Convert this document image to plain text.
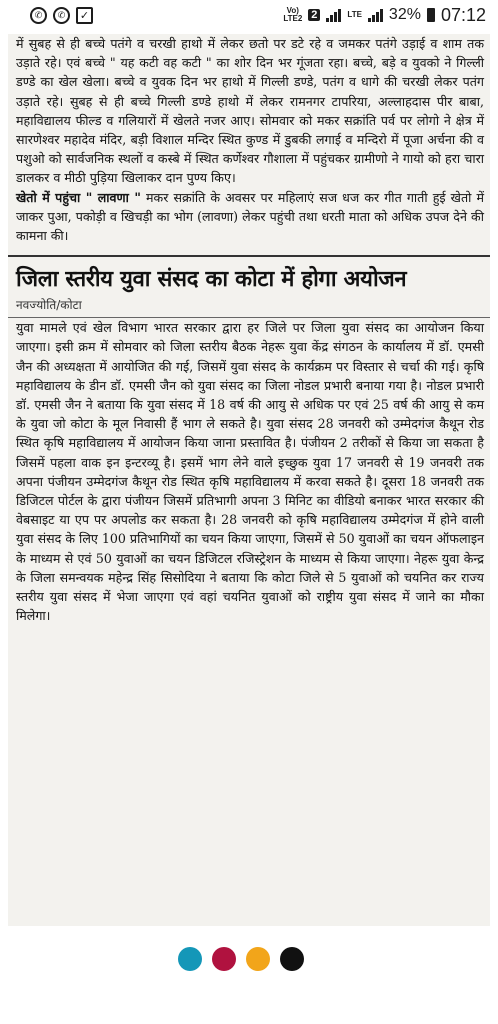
✆	✆	✓	Vo)
LTE2 2	LTE 32% 07:12

में सुबह से ही बच्चे पतंगे व चरखी हाथो में लेकर छतो पर डटे रहे व जमकर पतंगे उड़ाई व शाम तक उड़ाते रहे। एवं बच्चे " यह कटी वह कटी " का शोर दिन भर गूंजता रहा। बच्चे, बड़े व युवको ने गिल्ली डण्डे का खेल खेला। बच्चे व युवक दिन भर हाथो में गिल्ली डण्डे, पतंग व धागे की चरखी लेकर पतंग उड़ाते रहे। सुबह से ही बच्चे गिल्ली डण्डे हाथो में लेकर रामनगर टापरिया, अल्लाहदास पीर बाबा, महाविद्यालय फील्ड व गलियारों में खेलते नजर आए। सोमवार को मकर सक्रांति पर्व पर लोगो ने क्षेत्र में सारणेश्वर महादेव मंदिर, बड़ी विशाल मन्दिर स्थित कुण्ड में डुबकी लगाई व मन्दिरो में पूजा अर्चना की व पशुओ को सार्वजनिक स्थलों व कस्बे में स्थित कर्णेश्वर गौशाला में पहुंचकर ग्रामीणो ने गायो को हरा चारा डालकर व मीठी पुड़िया खिलाकर दान पुण्य किए।

खेतो में पहुंचा " लावणा " मकर सक्रांति के अवसर पर महिलाएं सज धज कर गीत गाती हुई खेतो में जाकर पुआ, पकोड़ी व खिचड़ी का भोग (लावणा) लेकर पहुंची तथा धरती माता को अधिक उपज देने की कामना की।

जिला स्तरीय युवा संसद का कोटा में होगा अयोजन
नवज्योति/कोटा

युवा मामले एवं खेल विभाग भारत सरकार द्वारा हर जिले पर जिला युवा संसद का आयोजन किया जाएगा। इसी क्रम में सोमवार को जिला स्तरीय बैठक नेहरू युवा केंद्र संगठन के कार्यालय में डॉ. एमसी जैन की अध्यक्षता में आयोजित की गई, जिसमें युवा संसद के कार्यक्रम पर विस्तार से चर्चा की गई। कृषि महाविद्यालय के डीन डॉ. एमसी जैन को युवा संसद का जिला नोडल प्रभारी बनाया गया है। नोडल प्रभारी डॉ. एमसी जैन ने बताया कि युवा संसद में 18 वर्ष की आयु से अधिक पर एवं 25 वर्ष की आयु से कम के युवा जो कोटा के मूल निवासी हैं भाग ले सकते है। युवा संसद 28 जनवरी को उम्मेदगंज कैथून रोड स्थित कृषि महाविद्यालय में आयोजन किया जाना प्रस्तावित है। पंजीयन 2 तरीकों से किया जा सकता है जिसमें पहला वाक इन इन्टरव्यू है। इसमें भाग लेने वाले इच्छुक युवा 17 जनवरी से 19 जनवरी तक अपना पंजीयन उम्मेदगंज कैथून रोड स्थित कृषि महाविद्यालय में करवा सकते है। दूसरा 18 जनवरी तक डिजिटल पोर्टल के द्वारा पंजीयन जिसमें प्रतिभागी अपना 3 मिनिट का वीडियो बनाकर भारत सरकार की वेबसाइट या एप पर अपलोड कर सकता है। 28 जनवरी को कृषि महाविद्यालय उम्मेदगंज में होने वाली युवा संसद के लिए 100 प्रतिभागियों का चयन किया जाएगा, जिसमें से 50 युवाओं का चयन ऑफलाइन के माध्यम से एवं 50 युवाओं का चयन डिजिटल रजिस्ट्रेशन के माध्यम से किया जाएगा। नेहरू युवा केन्द्र के जिला समन्वयक महेन्द्र सिंह सिसोदिया ने बताया कि कोटा जिले से 5 युवाओं को चयनित कर राज्य स्तरीय युवा संसद में भेजा जाएगा एवं वहां चयनित युवाओं को राष्ट्रीय युवा संसद में जाने का मौका मिलेगा।
